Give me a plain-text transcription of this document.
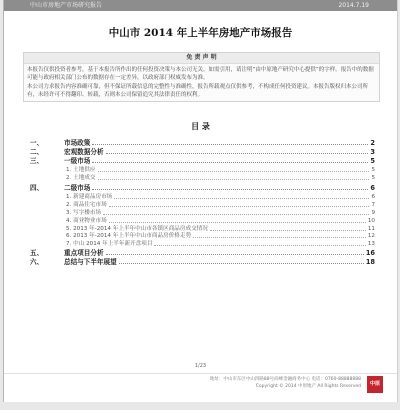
中山市房地产市场研究报告	2014.7.19
中山市 2014 年上半年房地产市场报告
免 责 声 明

本报告仅供投资者参考，基于本报告所作出的任何投资决策与本公司无关。如需引用，请注明“由中原地产研究中心提供”的字样。报告中的数据可能与政府相关部门公布的数据存在一定差异，以政府部门权威发布为准。

本公司力求报告内容准确可靠，但不保证所载信息的完整性与准确性，报告所载观点仅供参考，不构成任何投资建议。本报告版权归本公司所有，未经许可不得翻印、转载，否则本公司保留追究其法律责任的权利。

目 录
一、	市场政策	2
二、	宏观数据分析	3
三、	一级市场	5
1. 土地供应	5
2. 土地成交	5
四、	二级市场	6
1. 新建商品房市场	6
2. 商品住宅市场	7
3. 写字楼市场	9
4. 商业物业市场	10
5. 2013 年-2014 年上半年中山市各镇区商品房成交情况	11
6. 2013 年-2014 年上半年中山市商品房价格走势	12
7. 中山 2014 年上半年新开盘项目	13
五、	重点项目分析	16
六、	总结与下半年展望	18
1/23
地址：中山市东区中山四路88号尚峰金融商务中心 电话：0760-88888888
Copyright © 2014 中原地产 All Rights Reserved	中原
